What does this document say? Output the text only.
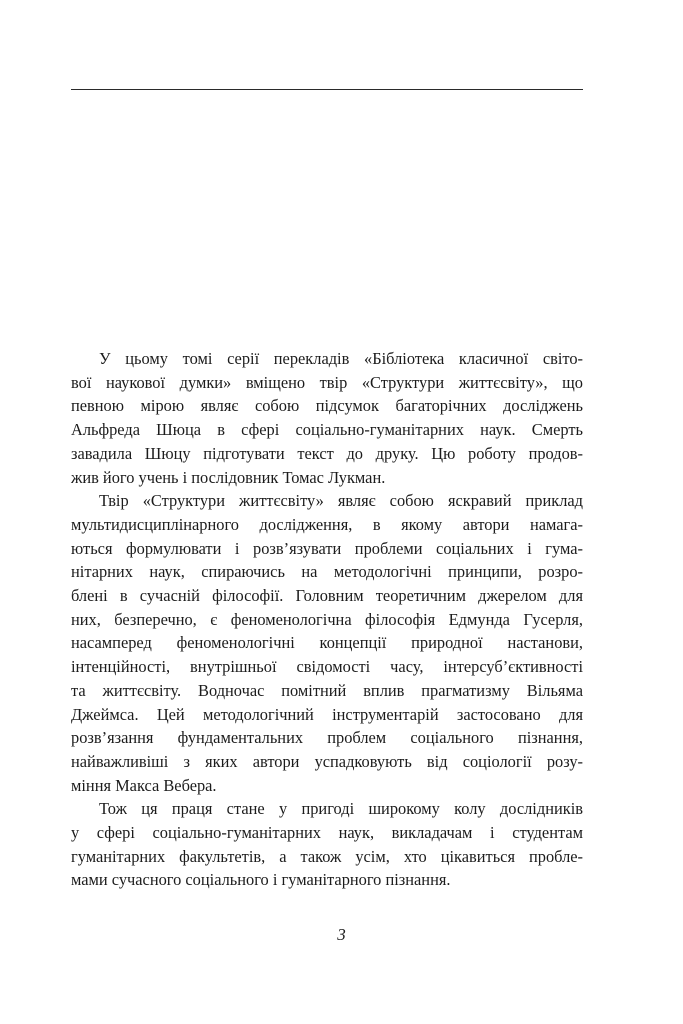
У цьому томі серії перекладів «Бібліотека класичної світо-
вої наукової думки» вміщено твір «Структури життєсвіту», що
певною мірою являє собою підсумок багаторічних досліджень
Альфреда Шюца в сфері соціально-гуманітарних наук. Смерть
завадила Шюцу підготувати текст до друку. Цю роботу продов-
жив його учень і послідовник Томас Лукман.

Твір «Структури життєсвіту» являє собою яскравий приклад
мультидисциплінарного дослідження, в якому автори намага-
ються формулювати і розв’язувати проблеми соціальних і гума-
нітарних наук, спираючись на методологічні принципи, розро-
блені в сучасній філософії. Головним теоретичним джерелом для
них, безперечно, є феноменологічна філософія Едмунда Гусерля,
насамперед феноменологічні концепції природної настанови,
інтенційності, внутрішньої свідомості часу, інтерсуб’єктивності
та життєсвіту. Водночас помітний вплив прагматизму Вільяма
Джеймса. Цей методологічний інструментарій застосовано для
розв’язання фундаментальних проблем соціального пізнання,
найважливіші з яких автори успадковують від соціології розу-
міння Макса Вебера.

Тож ця праця стане у пригоді широкому колу дослідників
у сфері соціально-гуманітарних наук, викладачам і студентам
гуманітарних факультетів, а також усім, хто цікавиться пробле-
мами сучасного соціального і гуманітарного пізнання.

3
